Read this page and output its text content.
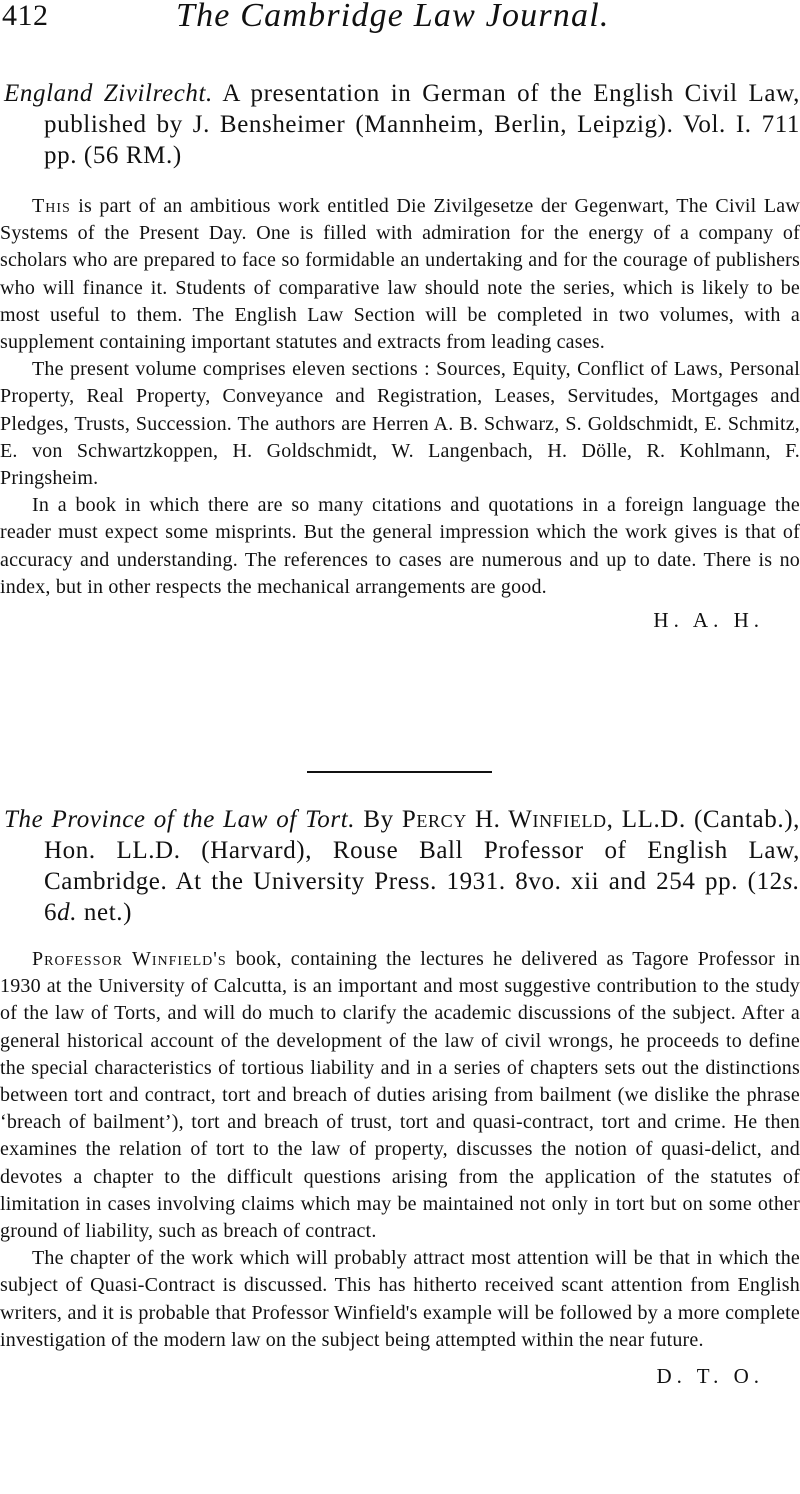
412	The Cambridge Law Journal.

England Zivilrecht. A presentation in German of the English Civil Law, published by J. Bensheimer (Mannheim, Berlin, Leipzig). Vol. I. 711 pp. (56 RM.)

This is part of an ambitious work entitled Die Zivilgesetze der Gegenwart, The Civil Law Systems of the Present Day. One is filled with admiration for the energy of a company of scholars who are prepared to face so formidable an undertaking and for the courage of publishers who will finance it. Students of comparative law should note the series, which is likely to be most useful to them. The English Law Section will be completed in two volumes, with a supplement containing important statutes and extracts from leading cases.

The present volume comprises eleven sections : Sources, Equity, Conflict of Laws, Personal Property, Real Property, Conveyance and Registration, Leases, Servitudes, Mortgages and Pledges, Trusts, Succession. The authors are Herren A. B. Schwarz, S. Goldschmidt, E. Schmitz, E. von Schwartzkoppen, H. Goldschmidt, W. Langenbach, H. Dölle, R. Kohlmann, F. Pringsheim.

In a book in which there are so many citations and quotations in a foreign language the reader must expect some misprints. But the general impression which the work gives is that of accuracy and understanding. The references to cases are numerous and up to date. There is no index, but in other respects the mechanical arrangements are good.

H. A. H.

The Province of the Law of Tort. By Percy H. Winfield, LL.D. (Cantab.), Hon. LL.D. (Harvard), Rouse Ball Professor of English Law, Cambridge. At the University Press. 1931. 8vo. xii and 254 pp. (12s. 6d. net.)

Professor Winfield's book, containing the lectures he delivered as Tagore Professor in 1930 at the University of Calcutta, is an important and most suggestive contribution to the study of the law of Torts, and will do much to clarify the academic discussions of the subject. After a general historical account of the development of the law of civil wrongs, he proceeds to define the special characteristics of tortious liability and in a series of chapters sets out the distinctions between tort and contract, tort and breach of duties arising from bailment (we dislike the phrase ‘breach of bailment’), tort and breach of trust, tort and quasi-contract, tort and crime. He then examines the relation of tort to the law of property, discusses the notion of quasi-delict, and devotes a chapter to the difficult questions arising from the application of the statutes of limitation in cases involving claims which may be maintained not only in tort but on some other ground of liability, such as breach of contract.

The chapter of the work which will probably attract most attention will be that in which the subject of Quasi-Contract is discussed. This has hitherto received scant attention from English writers, and it is probable that Professor Winfield's example will be followed by a more complete investigation of the modern law on the subject being attempted within the near future.

D. T. O.
